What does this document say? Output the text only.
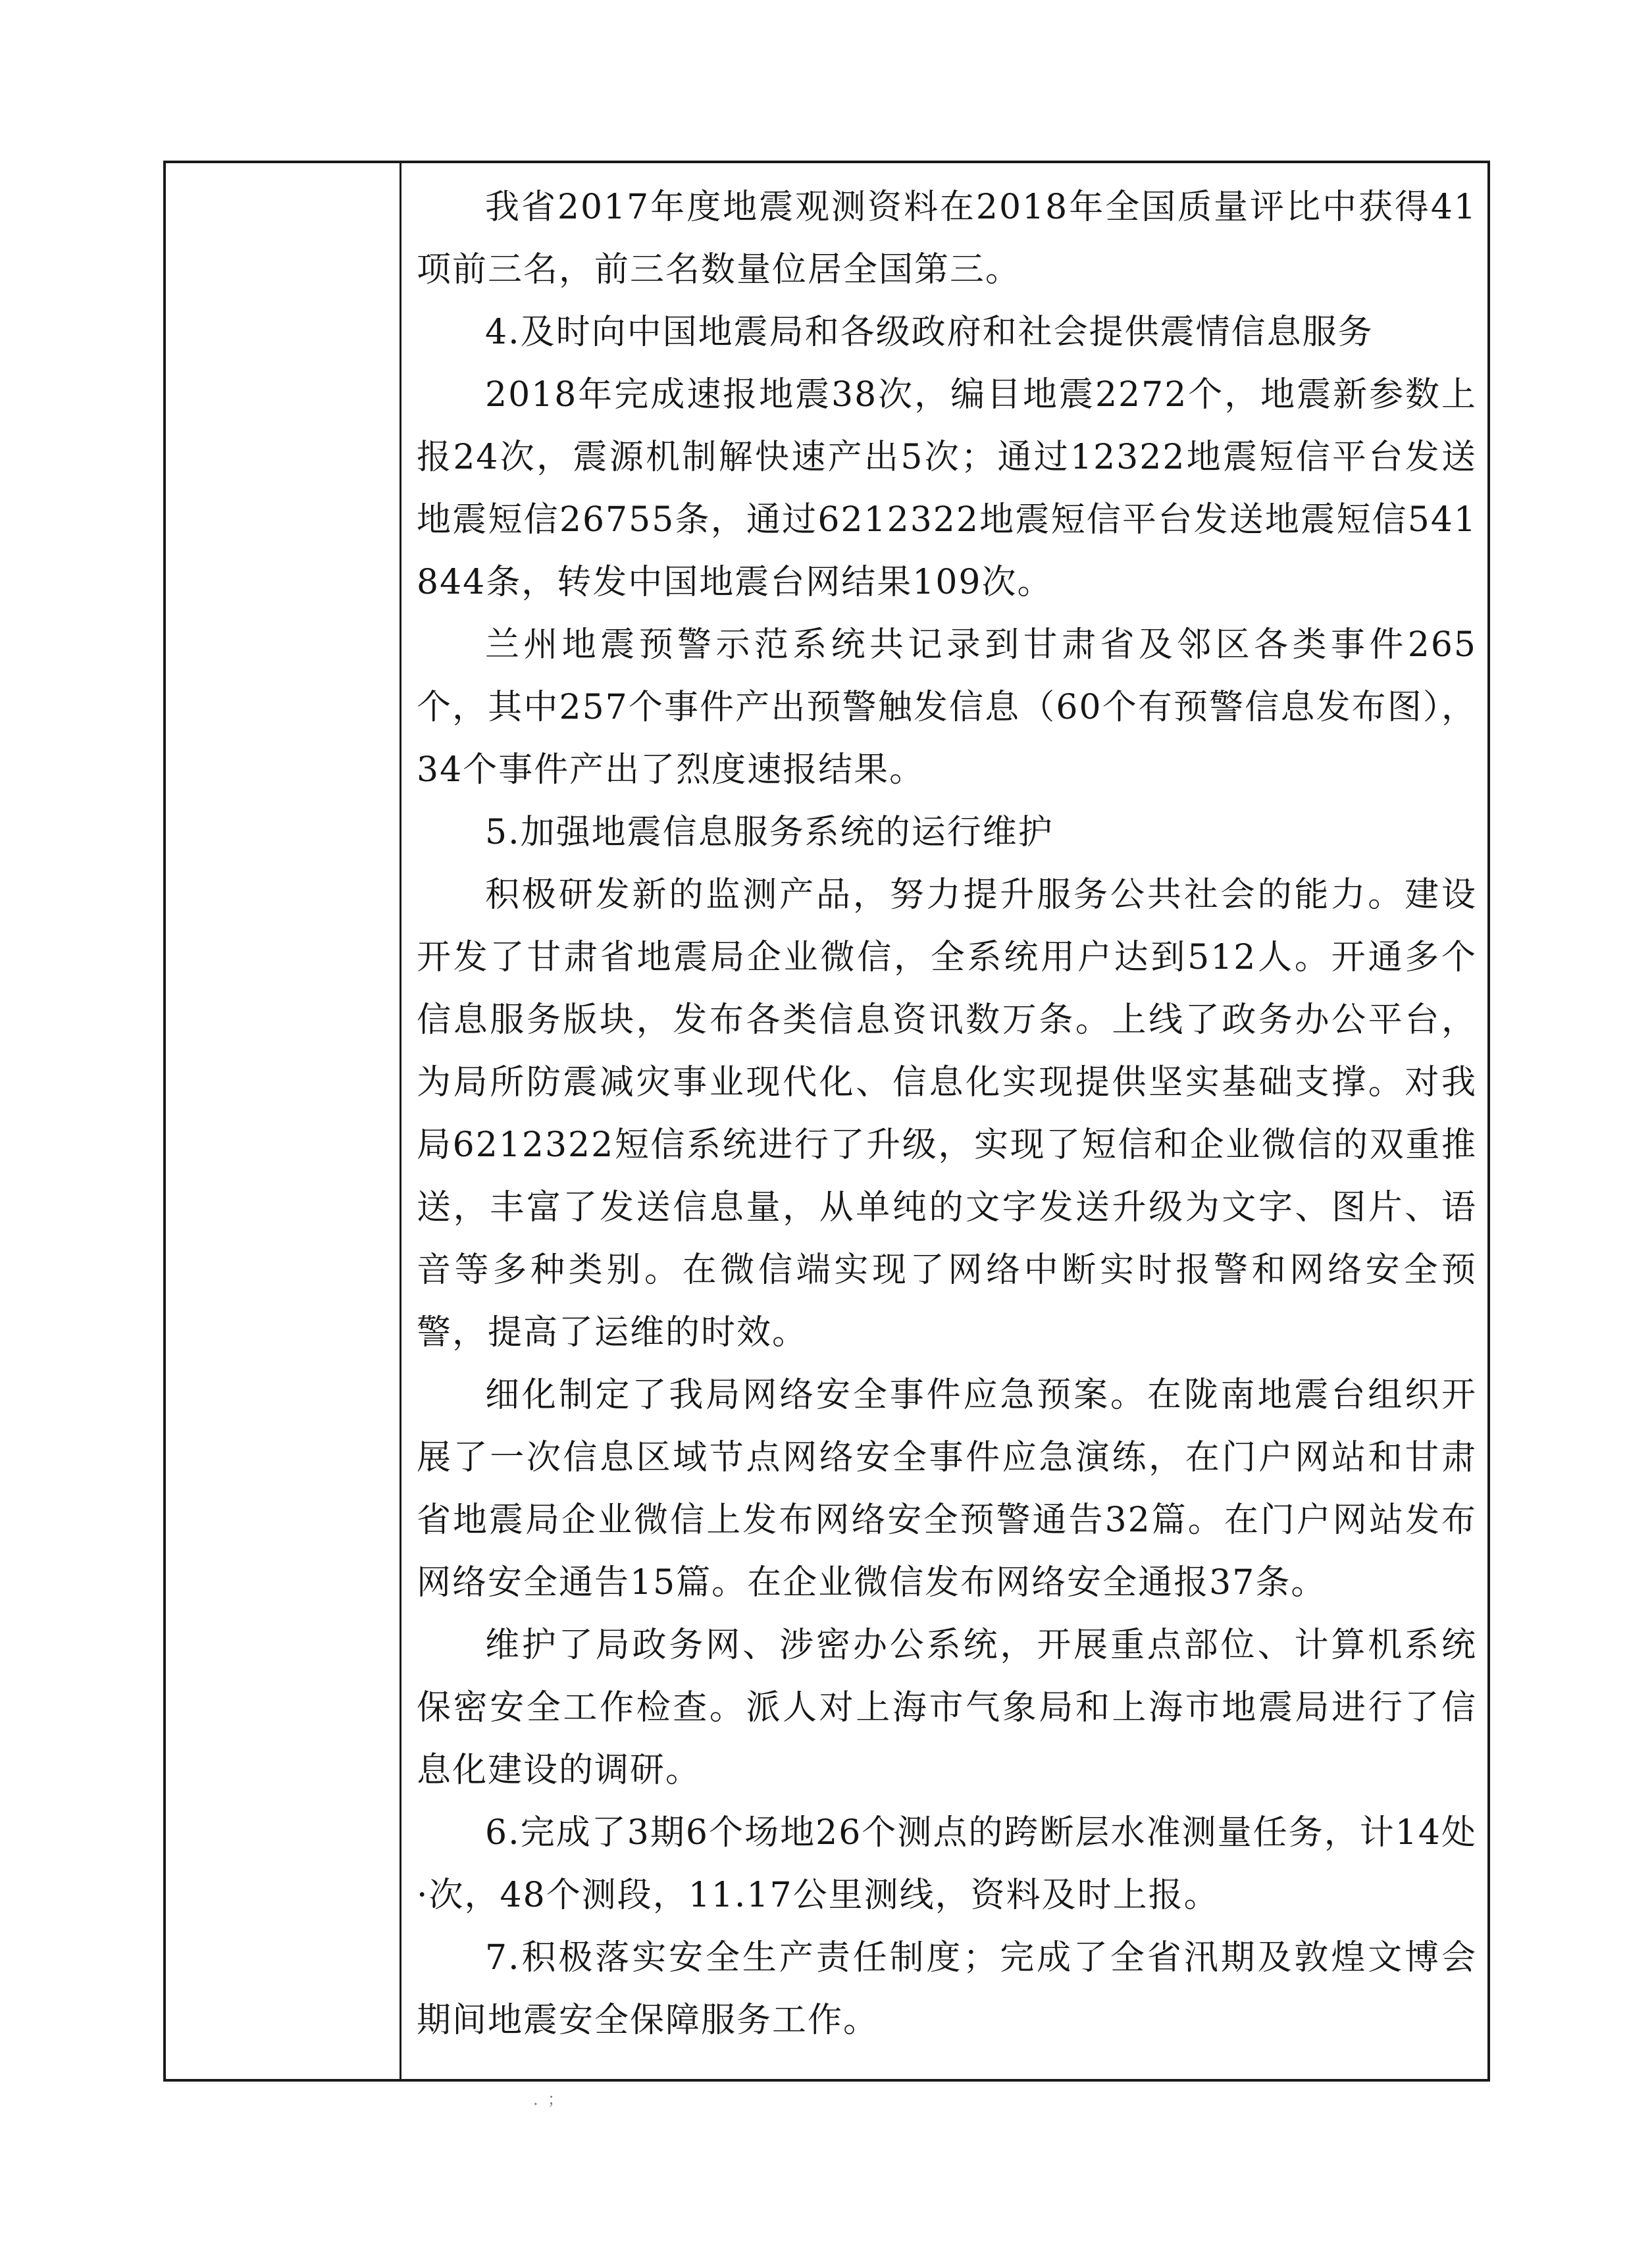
我省2017年度地震观测资料在2018年全国质量评比中获得41项前三名，前三名数量位居全国第三。

4.及时向中国地震局和各级政府和社会提供震情信息服务

2018年完成速报地震38次，编目地震2272个，地震新参数上报24次，震源机制解快速产出5次；通过12322地震短信平台发送地震短信26755条，通过6212322地震短信平台发送地震短信541844条，转发中国地震台网结果109次。

兰州地震预警示范系统共记录到甘肃省及邻区各类事件265个，其中257个事件产出预警触发信息（60个有预警信息发布图），34个事件产出了烈度速报结果。

5.加强地震信息服务系统的运行维护

积极研发新的监测产品，努力提升服务公共社会的能力。建设开发了甘肃省地震局企业微信，全系统用户达到512人。开通多个信息服务版块，发布各类信息资讯数万条。上线了政务办公平台，为局所防震减灾事业现代化、信息化实现提供坚实基础支撑。对我局6212322短信系统进行了升级，实现了短信和企业微信的双重推送，丰富了发送信息量，从单纯的文字发送升级为文字、图片、语音等多种类别。在微信端实现了网络中断实时报警和网络安全预警，提高了运维的时效。

细化制定了我局网络安全事件应急预案。在陇南地震台组织开展了一次信息区域节点网络安全事件应急演练，在门户网站和甘肃省地震局企业微信上发布网络安全预警通告32篇。在门户网站发布网络安全通告15篇。在企业微信发布网络安全通报37条。

维护了局政务网、涉密办公系统，开展重点部位、计算机系统保密安全工作检查。派人对上海市气象局和上海市地震局进行了信息化建设的调研。

6.完成了3期6个场地26个测点的跨断层水准测量任务，计14处·次，48个测段，11.17公里测线，资料及时上报。

7.积极落实安全生产责任制度；完成了全省汛期及敦煌文博会期间地震安全保障服务工作。

．；
